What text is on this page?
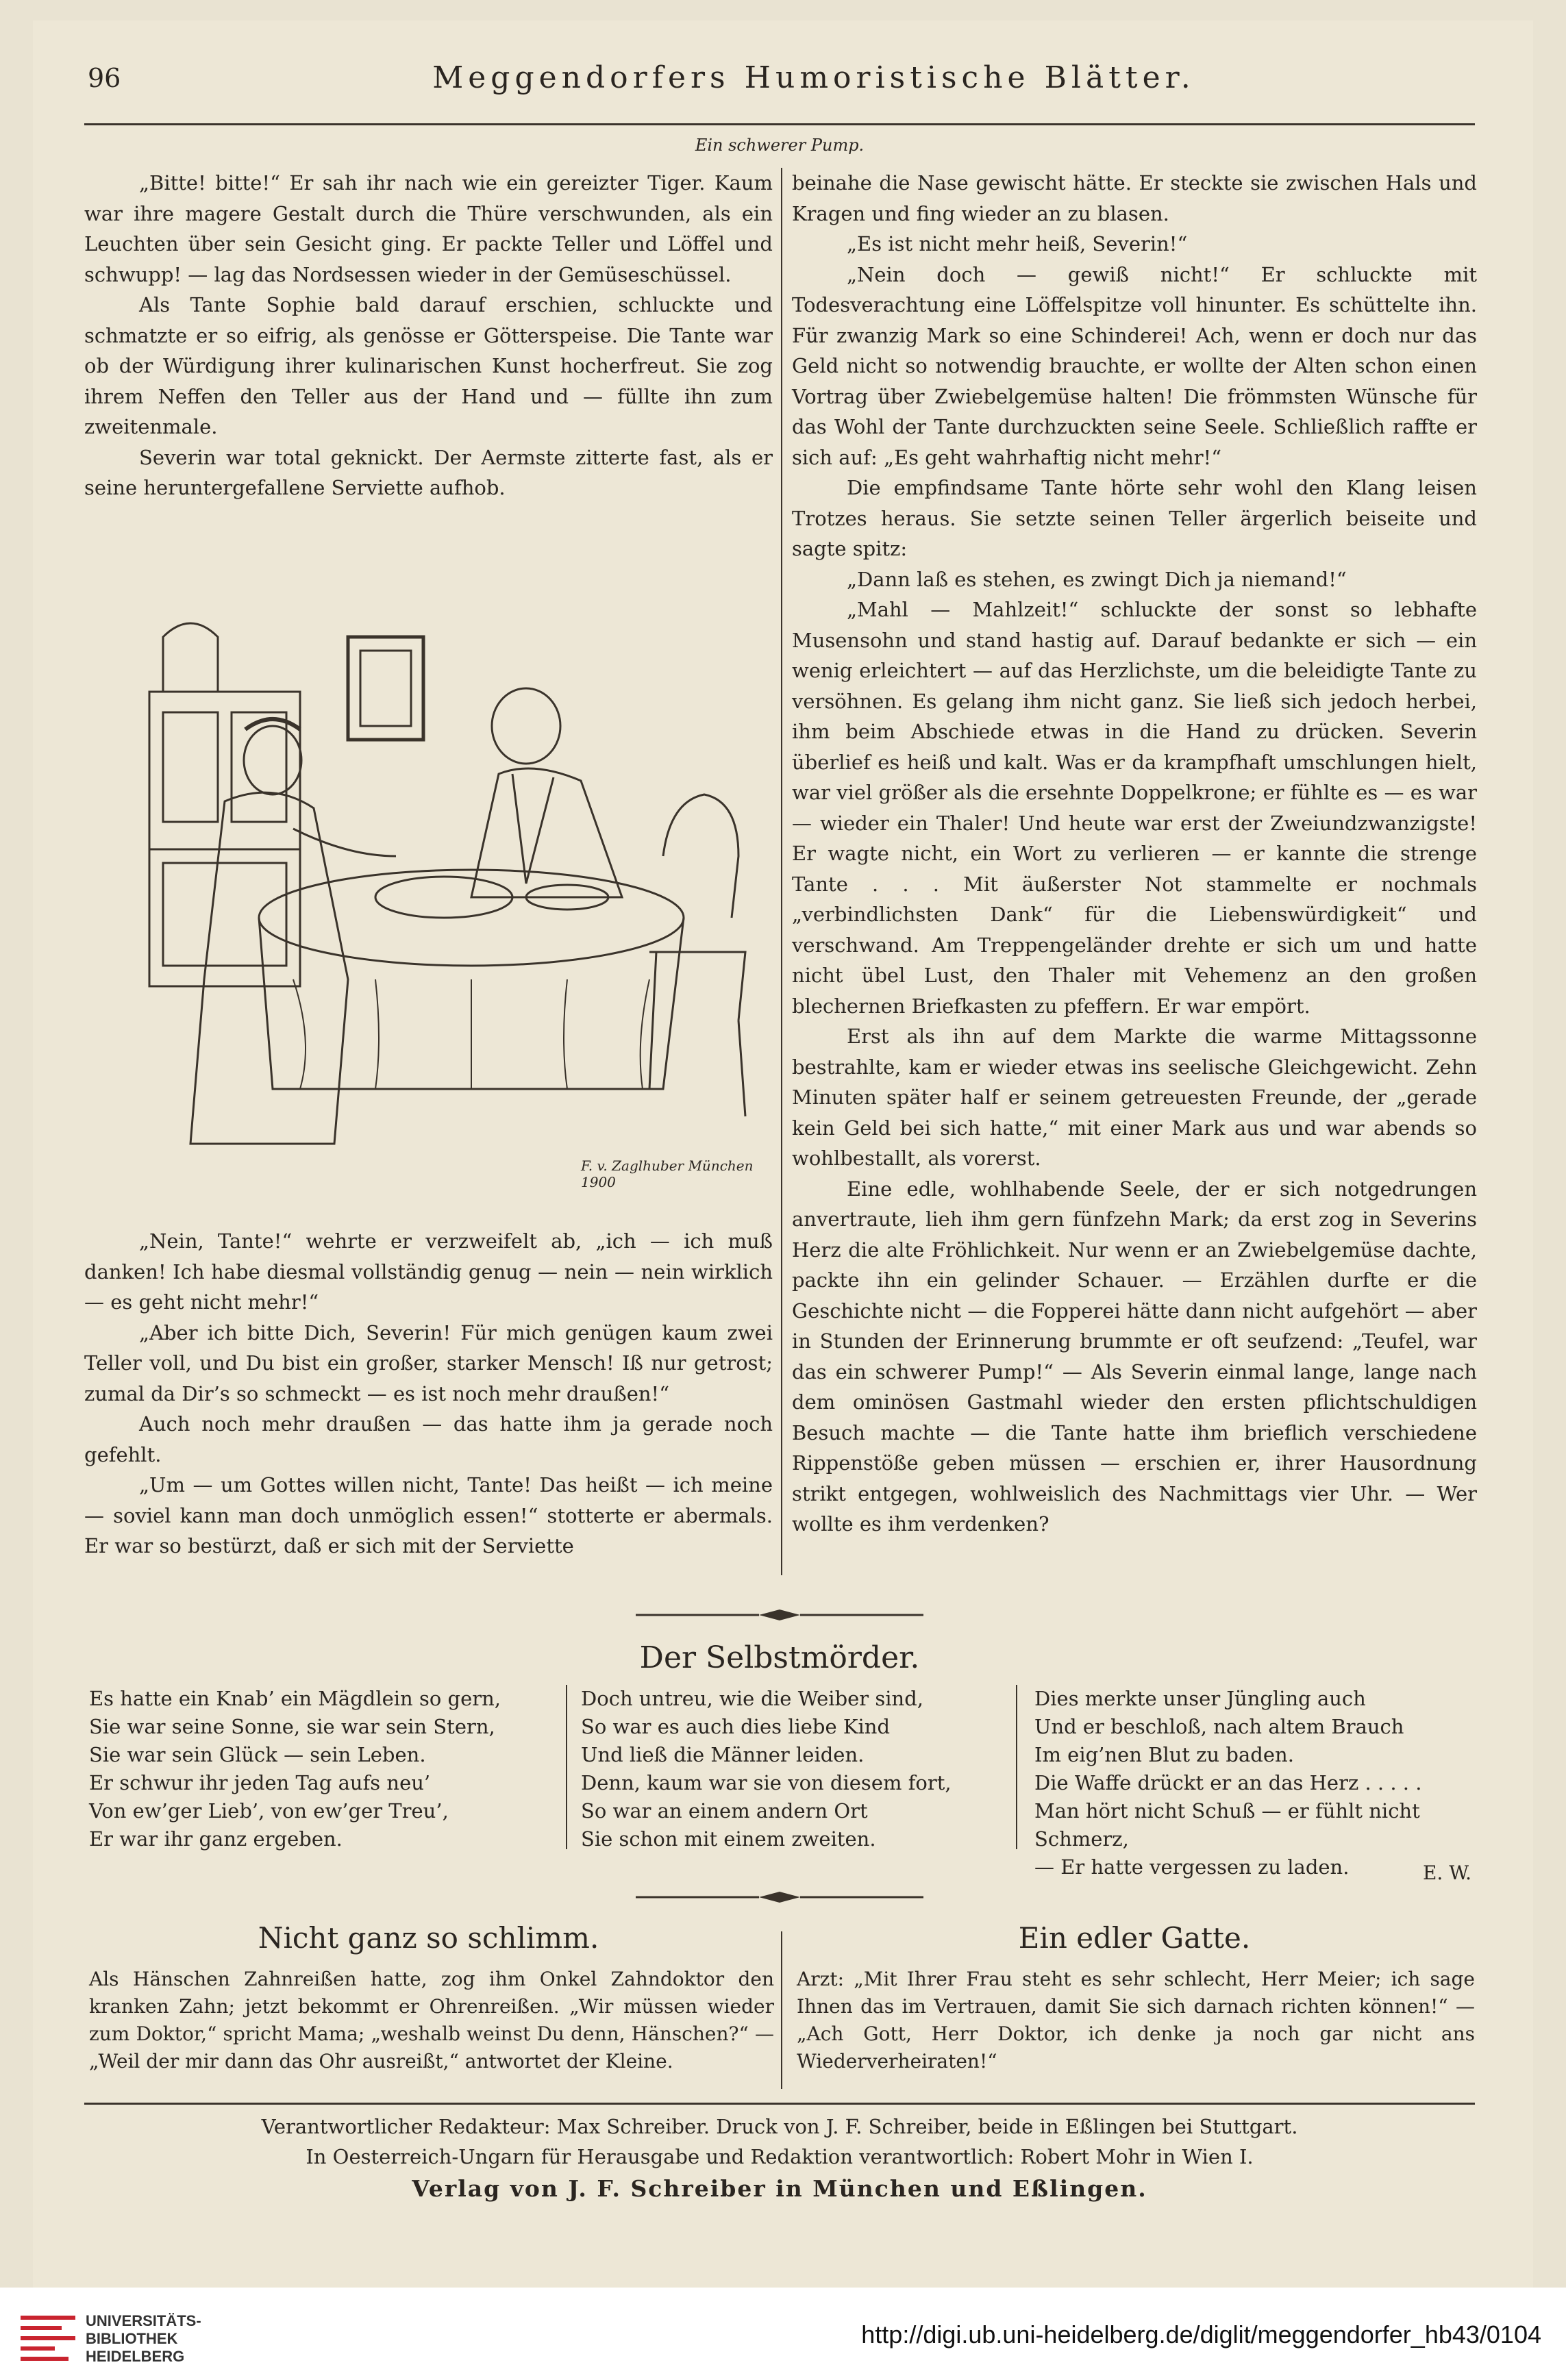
96	Meggendorfers Humoristische Blätter.
Ein schwerer Pump.

„Bitte! bitte!“ Er sah ihr nach wie ein gereizter Tiger. Kaum war ihre magere Gestalt durch die Thüre verschwunden, als ein Leuchten über sein Gesicht ging. Er packte Teller und Löffel und schwupp! — lag das Nordsessen wieder in der Gemüseschüssel.

Als Tante Sophie bald darauf erschien, schluckte und schmatzte er so eifrig, als genösse er Götterspeise. Die Tante war ob der Würdigung ihrer kulinarischen Kunst hocherfreut. Sie zog ihrem Neffen den Teller aus der Hand und — füllte ihn zum zweitenmale.

Severin war total geknickt. Der Aermste zitterte fast, als er seine heruntergefallene Serviette aufhob.

F. v. Zaglhuber München 1900

„Nein, Tante!“ wehrte er verzweifelt ab, „ich — ich muß danken! Ich habe diesmal vollständig genug — nein — nein wirklich — es geht nicht mehr!“

„Aber ich bitte Dich, Severin! Für mich genügen kaum zwei Teller voll, und Du bist ein großer, starker Mensch! Iß nur getrost; zumal da Dir’s so schmeckt — es ist noch mehr draußen!“

Auch noch mehr draußen — das hatte ihm ja gerade noch gefehlt.

„Um — um Gottes willen nicht, Tante! Das heißt — ich meine — soviel kann man doch unmöglich essen!“ stotterte er abermals. Er war so bestürzt, daß er sich mit der Serviette

beinahe die Nase gewischt hätte. Er steckte sie zwischen Hals und Kragen und fing wieder an zu blasen.

„Es ist nicht mehr heiß, Severin!“

„Nein doch — gewiß nicht!“ Er schluckte mit Todesverachtung eine Löffelspitze voll hinunter. Es schüttelte ihn. Für zwanzig Mark so eine Schinderei! Ach, wenn er doch nur das Geld nicht so notwendig brauchte, er wollte der Alten schon einen Vortrag über Zwiebelgemüse halten! Die frömmsten Wünsche für das Wohl der Tante durchzuckten seine Seele. Schließlich raffte er sich auf: „Es geht wahrhaftig nicht mehr!“

Die empfindsame Tante hörte sehr wohl den Klang leisen Trotzes heraus. Sie setzte seinen Teller ärgerlich beiseite und sagte spitz:

„Dann laß es stehen, es zwingt Dich ja niemand!“

„Mahl — Mahlzeit!“ schluckte der sonst so lebhafte Musensohn und stand hastig auf. Darauf bedankte er sich — ein wenig erleichtert — auf das Herzlichste, um die beleidigte Tante zu versöhnen. Es gelang ihm nicht ganz. Sie ließ sich jedoch herbei, ihm beim Abschiede etwas in die Hand zu drücken. Severin überlief es heiß und kalt. Was er da krampfhaft umschlungen hielt, war viel größer als die ersehnte Doppelkrone; er fühlte es — es war — wieder ein Thaler! Und heute war erst der Zweiundzwanzigste! Er wagte nicht, ein Wort zu verlieren — er kannte die strenge Tante . . . Mit äußerster Not stammelte er nochmals „verbindlichsten Dank“ für die Liebenswürdigkeit“ und verschwand. Am Treppengeländer drehte er sich um und hatte nicht übel Lust, den Thaler mit Vehemenz an den großen blechernen Briefkasten zu pfeffern. Er war empört.

Erst als ihn auf dem Markte die warme Mittagssonne bestrahlte, kam er wieder etwas ins seelische Gleichgewicht. Zehn Minuten später half er seinem getreuesten Freunde, der „gerade kein Geld bei sich hatte,“ mit einer Mark aus und war abends so wohlbestallt, als vorerst.

Eine edle, wohlhabende Seele, der er sich notgedrungen anvertraute, lieh ihm gern fünfzehn Mark; da erst zog in Severins Herz die alte Fröhlichkeit. Nur wenn er an Zwiebelgemüse dachte, packte ihn ein gelinder Schauer. — Erzählen durfte er die Geschichte nicht — die Fopperei hätte dann nicht aufgehört — aber in Stunden der Erinnerung brummte er oft seufzend: „Teufel, war das ein schwerer Pump!“ — Als Severin einmal lange, lange nach dem ominösen Gastmahl wieder den ersten pflichtschuldigen Besuch machte — die Tante hatte ihm brieflich verschiedene Rippenstöße geben müssen — erschien er, ihrer Hausordnung strikt entgegen, wohlweislich des Nachmittags vier Uhr. — Wer wollte es ihm verdenken?

Der Selbstmörder.
Es hatte ein Knab’ ein Mägdlein so gern,
Sie war seine Sonne, sie war sein Stern,
Sie war sein Glück — sein Leben.
Er schwur ihr jeden Tag aufs neu’
Von ew’ger Lieb’, von ew’ger Treu’,
Er war ihr ganz ergeben.
Doch untreu, wie die Weiber sind,
So war es auch dies liebe Kind
Und ließ die Männer leiden.
Denn, kaum war sie von diesem fort,
So war an einem andern Ort
Sie schon mit einem zweiten.
Dies merkte unser Jüngling auch
Und er beschloß, nach altem Brauch
Im eig’nen Blut zu baden.
Die Waffe drückt er an das Herz . . . . .
Man hört nicht Schuß — er fühlt nicht Schmerz,
— Er hatte vergessen zu laden.	E. W.
Nicht ganz so schlimm.
Als Hänschen Zahnreißen hatte, zog ihm Onkel Zahndoktor den kranken Zahn; jetzt bekommt er Ohrenreißen. „Wir müssen wieder zum Doktor,“ spricht Mama; „weshalb weinst Du denn, Hänschen?“ — „Weil der mir dann das Ohr ausreißt,“ antwortet der Kleine.
Ein edler Gatte.
Arzt: „Mit Ihrer Frau steht es sehr schlecht, Herr Meier; ich sage Ihnen das im Vertrauen, damit Sie sich darnach richten können!“ — „Ach Gott, Herr Doktor, ich denke ja noch gar nicht ans Wiederverheiraten!“
Verantwortlicher Redakteur: Max Schreiber. Druck von J. F. Schreiber, beide in Eßlingen bei Stuttgart.
In Oesterreich-Ungarn für Herausgabe und Redaktion verantwortlich: Robert Mohr in Wien I.
Verlag von J. F. Schreiber in München und Eßlingen.
UNIVERSITÄTS-
BIBLIOTHEK
HEIDELBERG
http://digi.ub.uni-heidelberg.de/diglit/meggendorfer_hb43/0104
